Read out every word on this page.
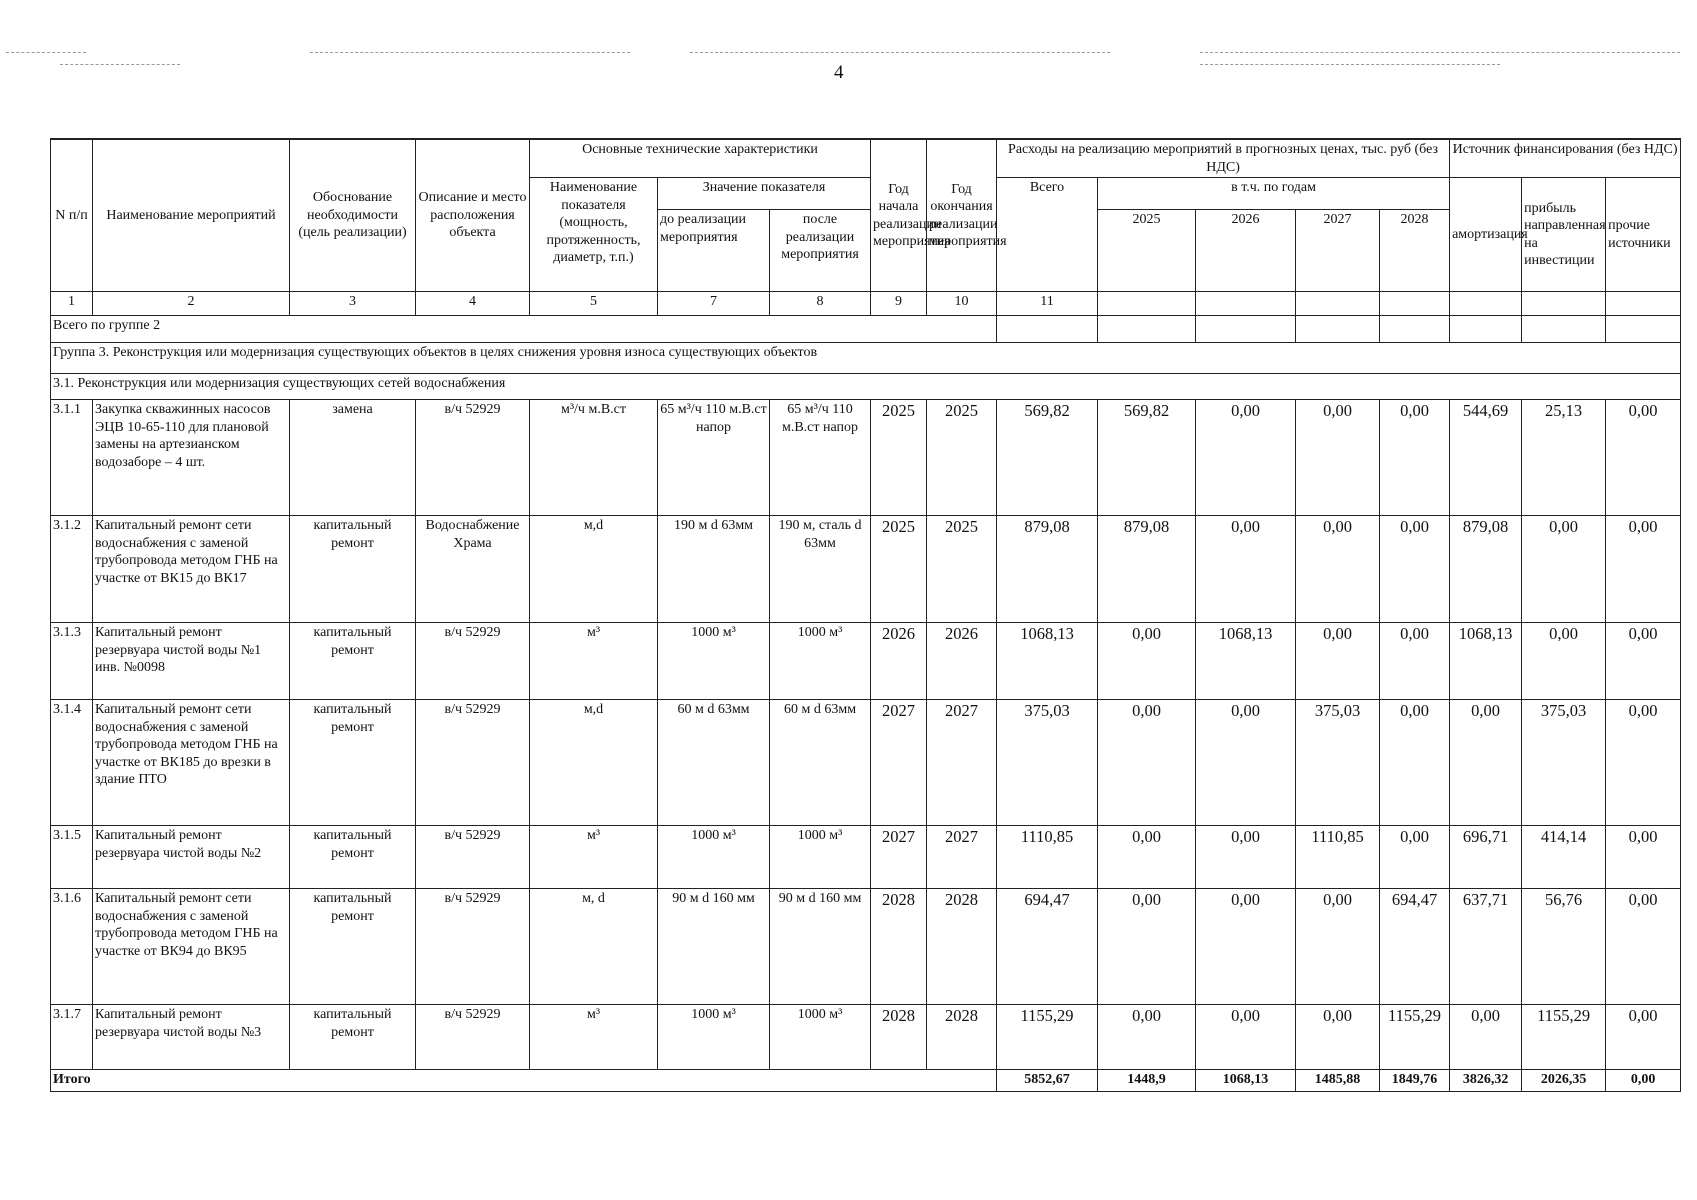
4
N п/п	Наименование мероприятий	Обоснование необходимости (цель реализации)	Описание и место расположения объекта	Основные технические характеристики			Год начала реализации мероприятия	Год окончания реализации мероприятия	Расходы на реализацию мероприятий в прогнозных ценах, тыс. руб (без НДС)					Источник финансирования (без НДС)		
				Наименование показателя (мощность, протяженность, диаметр, т.п.)	Значение показателя				Всего	в т.ч. по годам				амортизация	прибыль направленная на инвестиции	прочие источники
					до реализации мероприятия	после реализации мероприятия				2025	2026	2027	2028			
1	2	3	4	5	7	8	9	10	11							
Всего по группе 2																
Группа 3. Реконструкция или модернизация существующих объектов в целях снижения уровня износа существующих объектов																
3.1. Реконструкция или модернизация существующих сетей водоснабжения																
3.1.1	Закупка скважинных насосов ЭЦВ 10-65-110 для плановой замены на артезианском водозаборе – 4 шт.	замена	в/ч 52929	м³/ч м.В.ст	65 м³/ч 110 м.В.ст напор	65 м³/ч 110 м.В.ст напор	2025	2025	569,82	569,82	0,00	0,00	0,00	544,69	25,13	0,00
3.1.2	Капитальный ремонт сети водоснабжения с заменой трубопровода методом ГНБ на участке от ВК15 до ВК17	капитальный ремонт	Водоснабжение Храма	м,d	190 м d 63мм	190 м, сталь d 63мм	2025	2025	879,08	879,08	0,00	0,00	0,00	879,08	0,00	0,00
3.1.3	Капитальный ремонт резервуара чистой воды №1 инв. №0098	капитальный ремонт	в/ч 52929	м³	1000 м³	1000 м³	2026	2026	1068,13	0,00	1068,13	0,00	0,00	1068,13	0,00	0,00
3.1.4	Капитальный ремонт сети водоснабжения с заменой трубопровода методом ГНБ на участке от ВК185 до врезки в здание ПТО	капитальный ремонт	в/ч 52929	м,d	60 м d 63мм	60 м d 63мм	2027	2027	375,03	0,00	0,00	375,03	0,00	0,00	375,03	0,00
3.1.5	Капитальный ремонт резервуара чистой воды №2	капитальный ремонт	в/ч 52929	м³	1000 м³	1000 м³	2027	2027	1110,85	0,00	0,00	1110,85	0,00	696,71	414,14	0,00
3.1.6	Капитальный ремонт сети водоснабжения с заменой трубопровода методом ГНБ на участке от ВК94 до ВК95	капитальный ремонт	в/ч 52929	м, d	90 м d 160 мм	90 м d 160 мм	2028	2028	694,47	0,00	0,00	0,00	694,47	637,71	56,76	0,00
3.1.7	Капитальный ремонт резервуара чистой воды №3	капитальный ремонт	в/ч 52929	м³	1000 м³	1000 м³	2028	2028	1155,29	0,00	0,00	0,00	1155,29	0,00	1155,29	0,00
Итого									5852,67	1448,9	1068,13	1485,88	1849,76	3826,32	2026,35	0,00
